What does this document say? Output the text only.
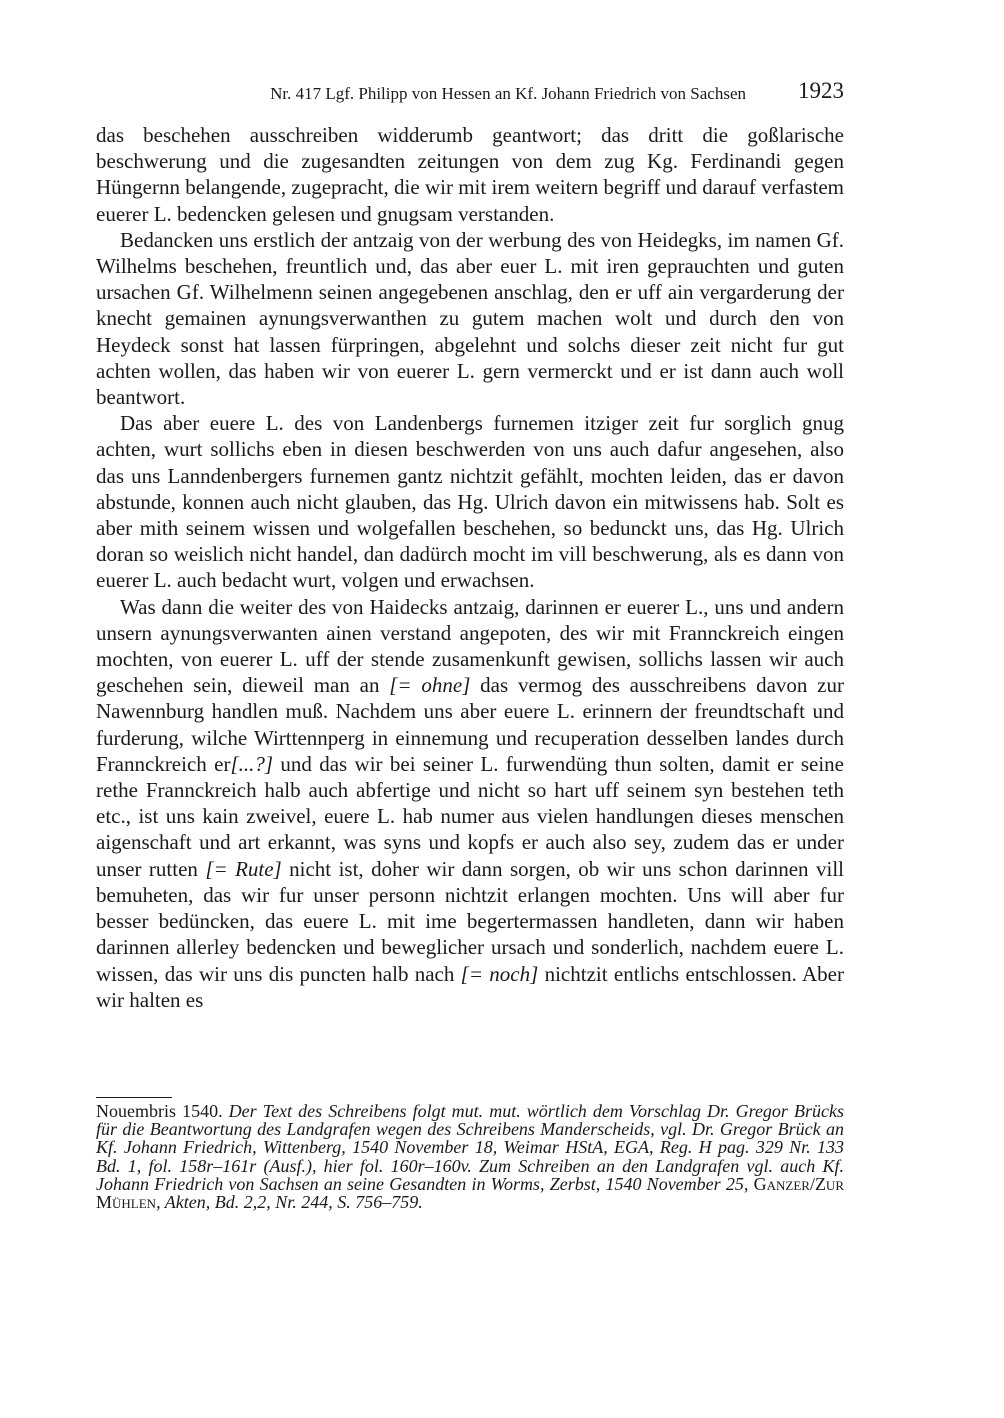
Nr. 417 Lgf. Philipp von Hessen an Kf. Johann Friedrich von Sachsen 1923

das beschehen ausschreiben widderumb geantwort; das dritt die goßlarische beschwerung und die zugesandten zeitungen von dem zug Kg. Ferdinandi gegen Hüngernn belangende, zugepracht, die wir mit irem weitern begriff und darauf verfastem euerer L. bedencken gelesen und gnugsam verstanden.

Bedancken uns erstlich der antzaig von der werbung des von Heidegks, im namen Gf. Wilhelms beschehen, freuntlich und, das aber euer L. mit iren geprauchten und guten ursachen Gf. Wilhelmenn seinen angegebenen anschlag, den er uff ain vergarderung der knecht gemainen aynungsverwanthen zu gutem machen wolt und durch den von Heydeck sonst hat lassen fürpringen, abgelehnt und solchs dieser zeit nicht fur gut achten wollen, das haben wir von euerer L. gern vermerckt und er ist dann auch woll beantwort.

Das aber euere L. des von Landenbergs furnemen itziger zeit fur sorglich gnug achten, wurt sollichs eben in diesen beschwerden von uns auch dafur angesehen, also das uns Lanndenbergers furnemen gantz nichtzit gefählt, mochten leiden, das er davon abstunde, konnen auch nicht glauben, das Hg. Ulrich davon ein mitwissens hab. Solt es aber mith seinem wissen und wolgefallen beschehen, so bedunckt uns, das Hg. Ulrich doran so weislich nicht handel, dan dadürch mocht im vill beschwerung, als es dann von euerer L. auch bedacht wurt, volgen und erwachsen.

Was dann die weiter des von Haidecks antzaig, darinnen er euerer L., uns und andern unsern aynungsverwanten ainen verstand angepoten, des wir mit Frannckreich eingen mochten, von euerer L. uff der stende zusamenkunft gewisen, sollichs lassen wir auch geschehen sein, dieweil man an [= ohne] das vermog des ausschreibens davon zur Nawennburg handlen muß. Nachdem uns aber euere L. erinnern der freundtschaft und furderung, wilche Wirttennperg in einnemung und recuperation desselben landes durch Frannckreich er[...?] und das wir bei seiner L. furwendüng thun solten, damit er seine rethe Frannckreich halb auch abfertige und nicht so hart uff seinem syn bestehen teth etc., ist uns kain zweivel, euere L. hab numer aus vielen handlungen dieses menschen aigenschaft und art erkannt, was syns und kopfs er auch also sey, zudem das er under unser rutten [= Rute] nicht ist, doher wir dann sorgen, ob wir uns schon darinnen vill bemuheten, das wir fur unser personn nichtzit erlangen mochten. Uns will aber fur besser bedüncken, das euere L. mit ime begertermassen handleten, dann wir haben darinnen allerley bedencken und beweglicher ursach und sonderlich, nachdem euere L. wissen, das wir uns dis puncten halb nach [= noch] nichtzit entlichs entschlossen. Aber wir halten es

Nouembris 1540. Der Text des Schreibens folgt mut. mut. wörtlich dem Vorschlag Dr. Gregor Brücks für die Beantwortung des Landgrafen wegen des Schreibens Manderscheids, vgl. Dr. Gregor Brück an Kf. Johann Friedrich, Wittenberg, 1540 November 18, Weimar HStA, EGA, Reg. H pag. 329 Nr. 133 Bd. 1, fol. 158r–161r (Ausf.), hier fol. 160r–160v. Zum Schreiben an den Landgrafen vgl. auch Kf. Johann Friedrich von Sachsen an seine Gesandten in Worms, Zerbst, 1540 November 25, Ganzer/Zur Mühlen, Akten, Bd. 2,2, Nr. 244, S. 756–759.
